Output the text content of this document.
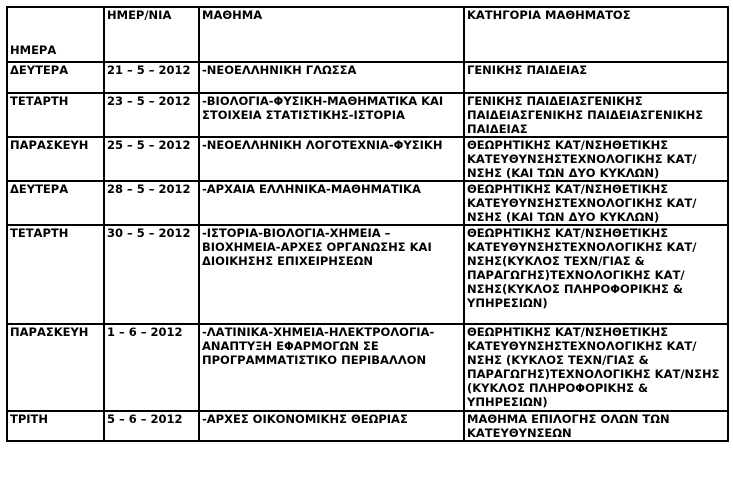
ΗΜΕΡΑ	ΗΜΕΡ/ΝΙΑ	ΜΑΘΗΜΑ	ΚΑΤΗΓΟΡΙΑ ΜΑΘΗΜΑΤΟΣ
ΔΕΥΤΕΡΑ	21 – 5 – 2012	-ΝΕΟΕΛΛΗΝΙΚΗ ΓΛΩΣΣΑ	ΓΕΝΙΚΗΣ ΠΑΙΔΕΙΑΣ
ΤΕΤΑΡΤΗ	23 – 5 – 2012	-ΒΙΟΛΟΓΙΑ-ΦΥΣΙΚΗ-ΜΑΘΗΜΑΤΙΚΑ ΚΑΙ ΣΤΟΙΧΕΙΑ ΣΤΑΤΙΣΤΙΚΗΣ-ΙΣΤΟΡΙΑ	ΓΕΝΙΚΗΣ ΠΑΙΔΕΙΑΣΓΕΝΙΚΗΣ ΠΑΙΔΕΙΑΣΓΕΝΙΚΗΣ ΠΑΙΔΕΙΑΣΓΕΝΙΚΗΣ ΠΑΙΔΕΙΑΣ
ΠΑΡΑΣΚΕΥΗ	25 – 5 – 2012	-ΝΕΟΕΛΛΗΝΙΚΗ ΛΟΓΟΤΕΧΝΙΑ-ΦΥΣΙΚΗ	ΘΕΩΡΗΤΙΚΗΣ ΚΑΤ/ΝΣΗΘΕΤΙΚΗΣ ΚΑΤΕΥΘΥΝΣΗΣΤΕΧΝΟΛΟΓΙΚΗΣ ΚΑΤ/ΝΣΗΣ (ΚΑΙ ΤΩΝ ΔΥΟ ΚΥΚΛΩΝ)
ΔΕΥΤΕΡΑ	28 – 5 – 2012	-ΑΡΧΑΙΑ ΕΛΛΗΝΙΚΑ-ΜΑΘΗΜΑΤΙΚΑ	ΘΕΩΡΗΤΙΚΗΣ ΚΑΤ/ΝΣΗΘΕΤΙΚΗΣ ΚΑΤΕΥΘΥΝΣΗΣΤΕΧΝΟΛΟΓΙΚΗΣ ΚΑΤ/ΝΣΗΣ (ΚΑΙ ΤΩΝ ΔΥΟ ΚΥΚΛΩΝ)
ΤΕΤΑΡΤΗ	30 – 5 – 2012	-ΙΣΤΟΡΙΑ-ΒΙΟΛΟΓΙΑ-ΧΗΜΕΙΑ – ΒΙΟΧΗΜΕΙΑ-ΑΡΧΕΣ ΟΡΓΑΝΩΣΗΣ ΚΑΙ ΔΙΟΙΚΗΣΗΣ ΕΠΙΧΕΙΡΗΣΕΩΝ	ΘΕΩΡΗΤΙΚΗΣ ΚΑΤ/ΝΣΗΘΕΤΙΚΗΣ ΚΑΤΕΥΘΥΝΣΗΣΤΕΧΝΟΛΟΓΙΚΗΣ ΚΑΤ/ΝΣΗΣ(ΚΥΚΛΟΣ ΤΕΧΝ/ΓΙΑΣ & ΠΑΡΑΓΩΓΗΣ)ΤΕΧΝΟΛΟΓΙΚΗΣ ΚΑΤ/ΝΣΗΣ(ΚΥΚΛΟΣ ΠΛΗΡΟΦΟΡΙΚΗΣ & ΥΠΗΡΕΣΙΩΝ)
ΠΑΡΑΣΚΕΥΗ	1 – 6 – 2012	-ΛΑΤΙΝΙΚΑ-ΧΗΜΕΙΑ-ΗΛΕΚΤΡΟΛΟΓΙΑ-ΑΝΑΠΤΥΞΗ ΕΦΑΡΜΟΓΩΝ ΣΕ ΠΡΟΓΡΑΜΜΑΤΙΣΤΙΚΟ ΠΕΡΙΒΑΛΛΟΝ	ΘΕΩΡΗΤΙΚΗΣ ΚΑΤ/ΝΣΗΘΕΤΙΚΗΣ ΚΑΤΕΥΘΥΝΣΗΣΤΕΧΝΟΛΟΓΙΚΗΣ ΚΑΤ/ΝΣΗΣ (ΚΥΚΛΟΣ ΤΕΧΝ/ΓΙΑΣ & ΠΑΡΑΓΩΓΗΣ)ΤΕΧΝΟΛΟΓΙΚΗΣ ΚΑΤ/ΝΣΗΣ (ΚΥΚΛΟΣ ΠΛΗΡΟΦΟΡΙΚΗΣ & ΥΠΗΡΕΣΙΩΝ)
ΤΡΙΤΗ	5 – 6 – 2012	-ΑΡΧΕΣ ΟΙΚΟΝΟΜΙΚΗΣ ΘΕΩΡΙΑΣ	ΜΑΘΗΜΑ ΕΠΙΛΟΓΗΣ ΟΛΩΝ ΤΩΝ ΚΑΤΕΥΘΥΝΣΕΩΝ
